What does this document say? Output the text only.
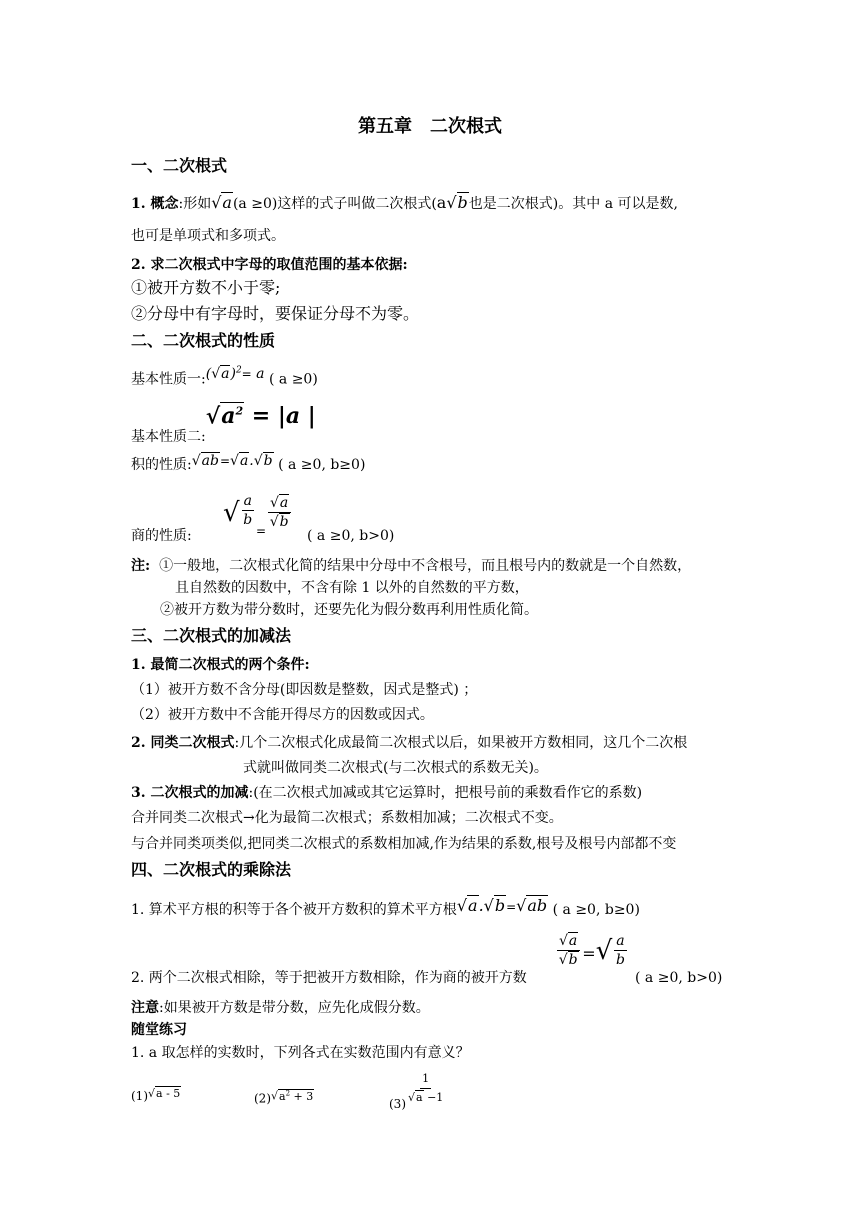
第五章　二次根式
一、二次根式
1. 概念:形如√a(a ≥0)这样的式子叫做二次根式(a√b也是二次根式)。其中 a 可以是数,
也可是单项式和多项式。
2. 求二次根式中字母的取值范围的基本依据:
①被开方数不小于零;
②分母中有字母时，要保证分母不为零。
二、二次根式的性质
基本性质一$:(√a)^2= a$ ( a ≥0)
基本性质二$:√a^2 = |a$ |
积的性质:√ab=√a.√b ( a ≥0, b≥0)
商的性质:
√ $\frac{a}{b}$
= $\frac{√a}{√b}$
( a ≥0, b>0)
注: ①一般地，二次根式化简的结果中分母中不含根号，而且根号内的数就是一个自然数，
且自然数的因数中，不含有除 1 以外的自然数的平方数，
②被开方数为带分数时，还要先化为假分数再利用性质化简。
三、二次根式的加减法
1. 最简二次根式的两个条件:
（1）被开方数不含分母(即因数是整数，因式是整式) ；
（2）被开方数中不含能开得尽方的因数或因式。
2. 同类二次根式:几个二次根式化成最简二次根式以后，如果被开方数相同，这几个二次根
式就叫做同类二次根式(与二次根式的系数无关)。
3. 二次根式的加减:(在二次根式加减或其它运算时，把根号前的乘数看作它的系数)
合并同类二次根式→化为最简二次根式；系数相加减；二次根式不变。
与合并同类项类似,把同类二次根式的系数相加减,作为结果的系数,根号及根号内部都不变
四、二次根式的乘除法
1. 算术平方根的积等于各个被开方数积的算术平方根√a.√b=√ab ( a ≥0, b≥0)
2. 两个二次根式相除，等于把被开方数相除，作为商的被开方数
$\frac{√a}{√b}$ =√ $\frac{a}{b}$
( a ≥0, b>0)
注意:如果被开方数是带分数，应先化成假分数。
随堂练习
1. a 取怎样的实数时，下列各式在实数范围内有意义？
(1)√a - 5	$(2)√a^2 + 3$
$(3) \frac{1}{√a -1}$
